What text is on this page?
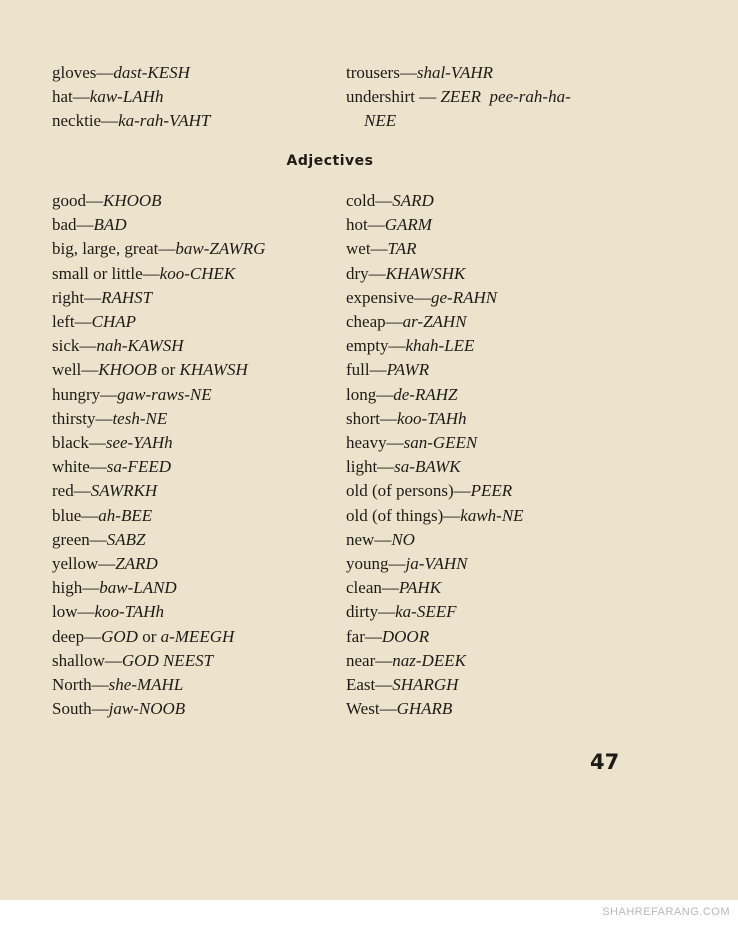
gloves—dast-KESH
hat—kaw-LAHh
necktie—ka-rah-VAHT
trousers—shal-VAHR
undershirt — ZEER  pee-rah-ha-
NEE
Adjectives
good—KHOOB
bad—BAD
big, large, great—baw-ZAWRG
small or little—koo-CHEK
right—RAHST
left—CHAP
sick—nah-KAWSH
well—KHOOB or KHAWSH
hungry—gaw-raws-NE
thirsty—tesh-NE
black—see-YAHh
white—sa-FEED
red—SAWRKH
blue—ah-BEE
green—SABZ
yellow—ZARD
high—baw-LAND
low—koo-TAHh
deep—GOD or a-MEEGH
shallow—GOD NEEST
North—she-MAHL
South—jaw-NOOB
cold—SARD
hot—GARM
wet—TAR
dry—KHAWSHK
expensive—ge-RAHN
cheap—ar-ZAHN
empty—khah-LEE
full—PAWR
long—de-RAHZ
short—koo-TAHh
heavy—san-GEEN
light—sa-BAWK
old (of persons)—PEER
old (of things)—kawh-NE
new—NO
young—ja-VAHN
clean—PAHK
dirty—ka-SEEF
far—DOOR
near—naz-DEEK
East—SHARGH
West—GHARB
47
SHAHREFARANG.COM
